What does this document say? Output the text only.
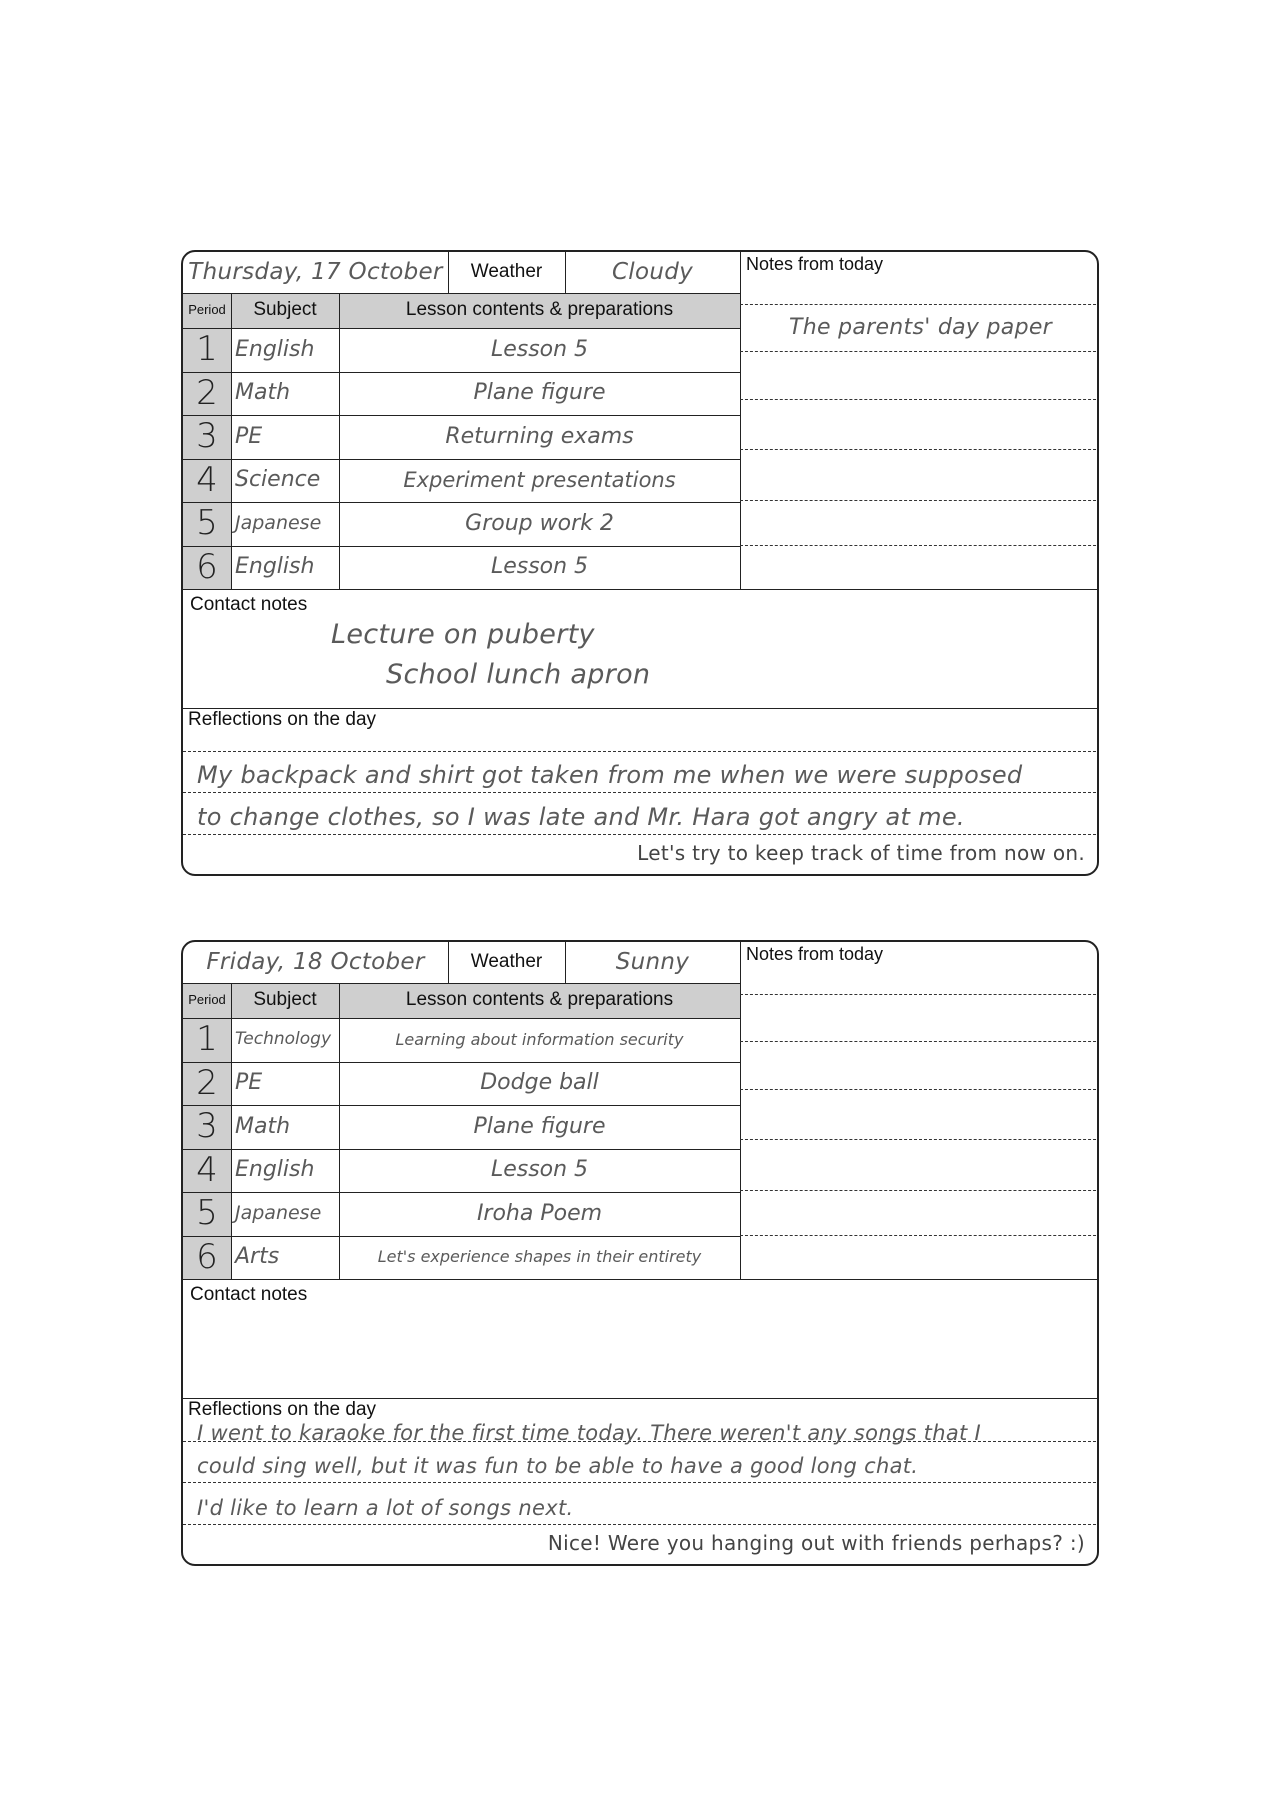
Thursday, 17 October	Weather	Cloudy	Notes from today
Period	Subject	Lesson contents & preparations
1 English	Lesson 5
2 Math	Plane figure
3 PE	Returning exams
4 Science	Experiment presentations
5 Japanese	Group work 2
6 English	Lesson 5
The parents' day paper
Contact notes
Lecture on puberty
School lunch apron
Reflections on the day
My backpack and shirt got taken from me when we were supposed
to change clothes, so I was late and Mr. Hara got angry at me.
Let's try to keep track of time from now on.
Friday, 18 October	Weather	Sunny	Notes from today
Period	Subject	Lesson contents & preparations
1	Technology	Learning about information security
2 PE	Dodge ball
3 Math	Plane figure
4 English	Lesson 5
5 Japanese	Iroha Poem
6 Arts	Let's experience shapes in their entirety
Contact notes
Reflections on the day
I went to karaoke for the first time today. There weren't any songs that I
could sing well, but it was fun to be able to have a good long chat.
I'd like to learn a lot of songs next.
Nice! Were you hanging out with friends perhaps? :)
